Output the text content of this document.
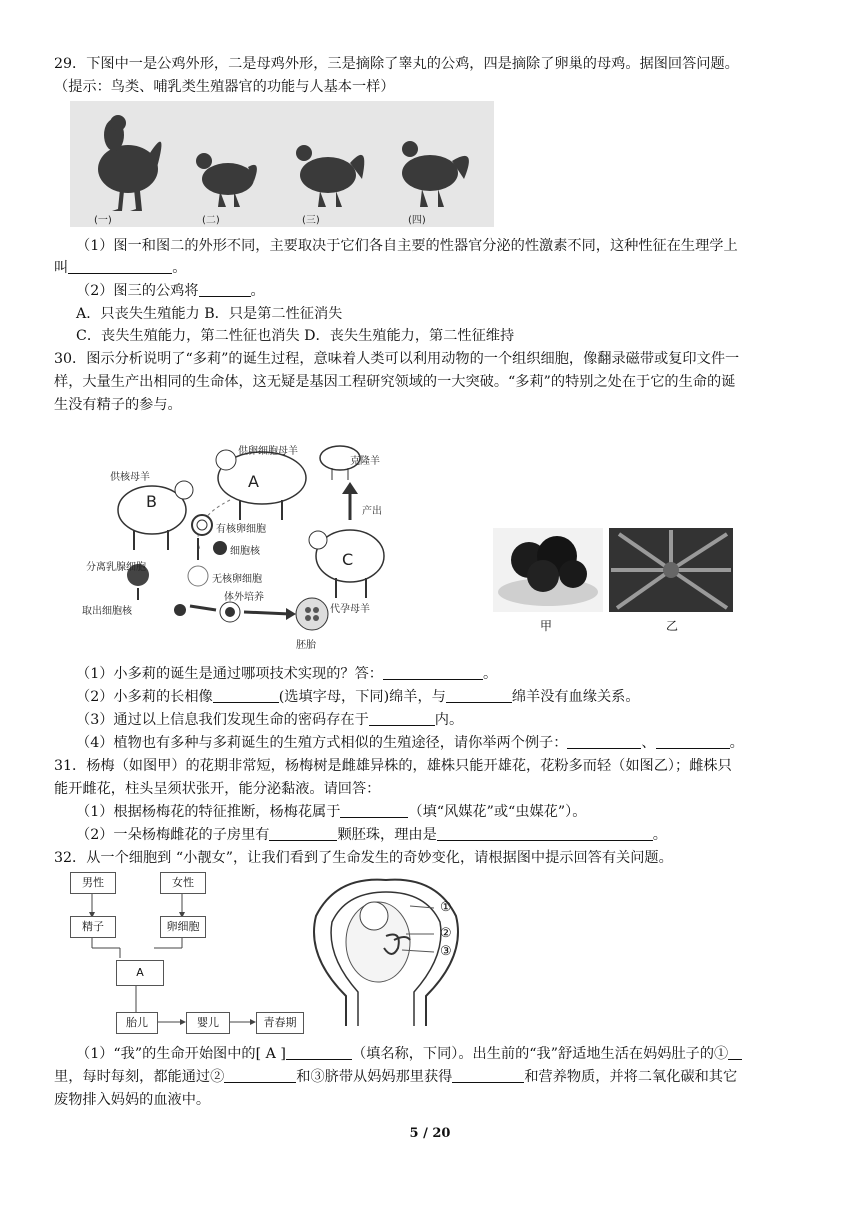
29．下图中一是公鸡外形，二是母鸡外形，三是摘除了睾丸的公鸡，四是摘除了卵巢的母鸡。据图回答问题。
（提示：鸟类、哺乳类生殖器官的功能与人基本一样）
(一)	(二)	(三)	(四)
（1）图一和图二的外形不同，主要取决于它们各自主要的性器官分泌的性激素不同，这种性征在生理学上
叫	。
（2）图三的公鸡将	。
A．只丧失生殖能力 B．只是第二性征消失
C．丧失生殖能力，第二性征也消失 D．丧失生殖能力，第二性征维持
30．图示分析说明了“多莉”的诞生过程，意味着人类可以利用动物的一个组织细胞，像翻录磁带或复印文件一
样，大量生产出相同的生命体，这无疑是基因工程研究领域的一大突破。“多莉”的特别之处在于它的生命的诞
生没有精子的参与。
A
B
C
供卵细胞母羊
克隆羊
供核母羊
有核卵细胞
产出
分离乳腺细胞
细胞核
无核卵细胞
取出细胞核
体外培养
代孕母羊
胚胎
甲	乙
（1）小多莉的诞生是通过哪项技术实现的？答：	。
（2）小多莉的长相像	(选填字母，下同)绵羊，与	绵羊没有血缘关系。
（3）通过以上信息我们发现生命的密码存在于	内。
（4）植物也有多种与多莉诞生的生殖方式相似的生殖途径，请你举两个例子：	、	。
31．杨梅（如图甲）的花期非常短，杨梅树是雌雄异株的，雄株只能开雄花，花粉多而轻（如图乙）；雌株只
能开雌花，柱头呈须状张开，能分泌黏液。请回答：
（1）根据杨梅花的特征推断，杨梅花属于	（填“风媒花”或“虫媒花”）。
（2）一朵杨梅雌花的子房里有	颗胚珠，理由是	。
32．从一个细胞到 “小靓女”，让我们看到了生命发生的奇妙变化，请根据图中提示回答有关问题。
男性	女性
精子	卵细胞
A
胎儿	婴儿	青春期
①
②
③
（1）“我”的生命开始图中的[ A ]	（填名称，下同）。出生前的“我”舒适地生活在妈妈肚子的①
里，每时每刻，都能通过②	和③脐带从妈妈那里获得	和营养物质，并将二氧化碳和其它
废物排入妈妈的血液中。
5 / 20
